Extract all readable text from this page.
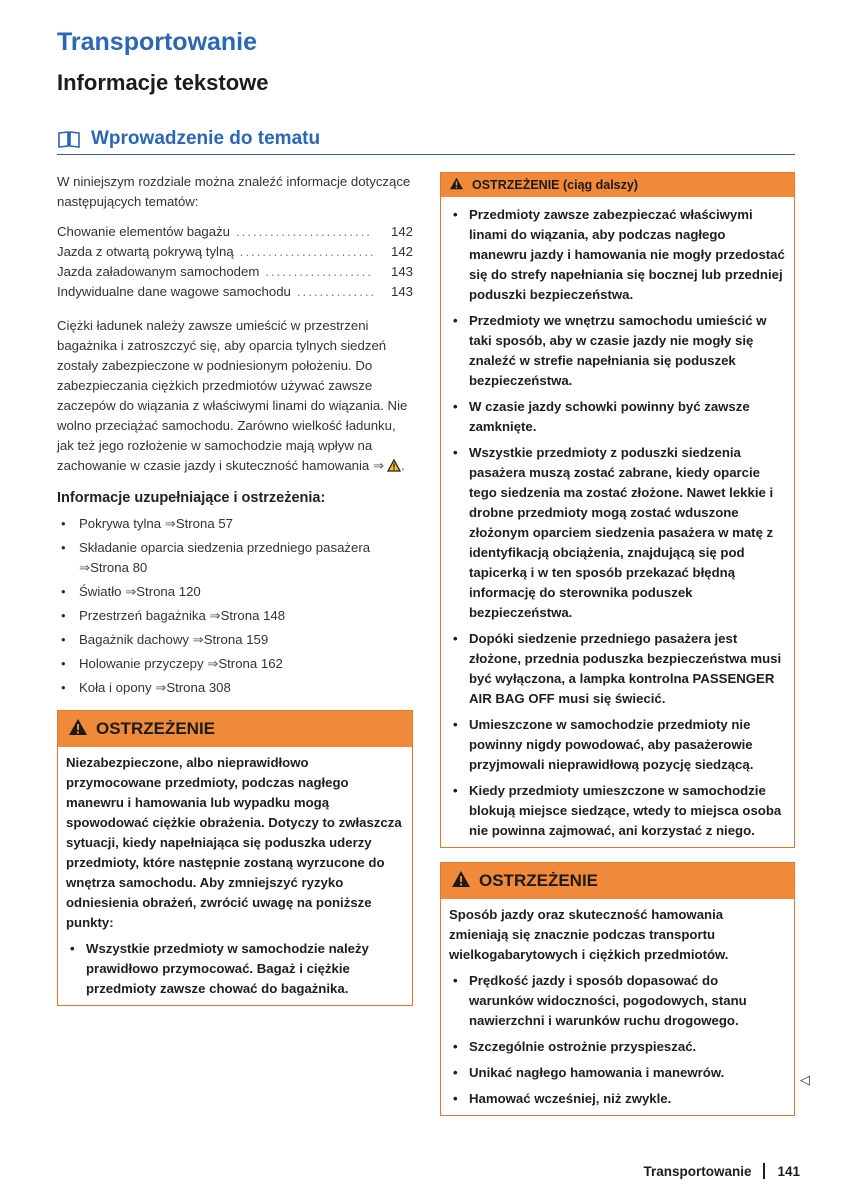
Transportowanie
Informacje tekstowe
Wprowadzenie do tematu

W niniejszym rozdziale można znaleźć informacje dotyczące następujących tematów:

Chowanie elementów bagażu .....	142
Jazda z otwartą pokrywą tylną .....	142
Jazda załadowanym samochodem .....	143
Indywidualne dane wagowe samochodu .....	143

Ciężki ładunek należy zawsze umieścić w przestrzeni bagażnika i zatroszczyć się, aby oparcia tylnych siedzeń zostały zabezpieczone w podniesionym położeniu. Do zabezpieczania ciężkich przedmiotów używać zawsze zaczepów do wiązania z właściwymi linami do wiązania. Nie wolno przeciążać samochodu. Zarówno wielkość ładunku, jak też jego rozłożenie w samochodzie mają wpływ na zachowanie w czasie jazdy i skuteczność hamowania ⇒ .

Informacje uzupełniające i ostrzeżenia:
• Pokrywa tylna ⇒Strona 57
• Składanie oparcia siedzenia przedniego pasażera ⇒Strona 80
• Światło ⇒Strona 120
• Przestrzeń bagażnika ⇒Strona 148
• Bagażnik dachowy ⇒Strona 159
• Holowanie przyczepy ⇒Strona 162
• Koła i opony ⇒Strona 308
OSTRZEŻENIE

Niezabezpieczone, albo nieprawidłowo przymocowane przedmioty, podczas nagłego manewru i hamowania lub wypadku mogą spowodować ciężkie obrażenia. Dotyczy to zwłaszcza sytuacji, kiedy napełniająca się poduszka uderzy przedmioty, które następnie zostaną wyrzucone do wnętrza samochodu. Aby zmniejszyć ryzyko odniesienia obrażeń, zwrócić uwagę na poniższe punkty:

• Wszystkie przedmioty w samochodzie należy prawidłowo przymocować. Bagaż i ciężkie przedmioty zawsze chować do bagażnika.

OSTRZEŻENIE (ciąg dalszy)

• Przedmioty zawsze zabezpieczać właściwymi linami do wiązania, aby podczas nagłego manewru jazdy i hamowania nie mogły przedostać się do strefy napełniania się bocznej lub przedniej poduszki bezpieczeństwa.

• Przedmioty we wnętrzu samochodu umieścić w taki sposób, aby w czasie jazdy nie mogły się znaleźć w strefie napełniania się poduszek bezpieczeństwa.

• W czasie jazdy schowki powinny być zawsze zamknięte.

• Wszystkie przedmioty z poduszki siedzenia pasażera muszą zostać zabrane, kiedy oparcie tego siedzenia ma zostać złożone. Nawet lekkie i drobne przedmioty mogą zostać wduszone złożonym oparciem siedzenia pasażera w matę z identyfikacją obciążenia, znajdującą się pod tapicerką i w ten sposób przekazać błędną informację do sterownika poduszek bezpieczeństwa.

• Dopóki siedzenie przedniego pasażera jest złożone, przednia poduszka bezpieczeństwa musi być wyłączona, a lampka kontrolna PASSENGER AIR BAG OFF musi się świecić.

• Umieszczone w samochodzie przedmioty nie powinny nigdy powodować, aby pasażerowie przyjmowali nieprawidłową pozycję siedzącą.

• Kiedy przedmioty umieszczone w samochodzie blokują miejsce siedzące, wtedy to miejsca osoba nie powinna zajmować, ani korzystać z niego.

OSTRZEŻENIE

Sposób jazdy oraz skuteczność hamowania zmieniają się znacznie podczas transportu wielkogabarytowych i ciężkich przedmiotów.

• Prędkość jazdy i sposób dopasować do warunków widoczności, pogodowych, stanu nawierzchni i warunków ruchu drogowego.

• Szczególnie ostrożnie przyspieszać.

• Unikać nagłego hamowania i manewrów.

• Hamować wcześniej, niż zwykle.

◁
Transportowanie 141
